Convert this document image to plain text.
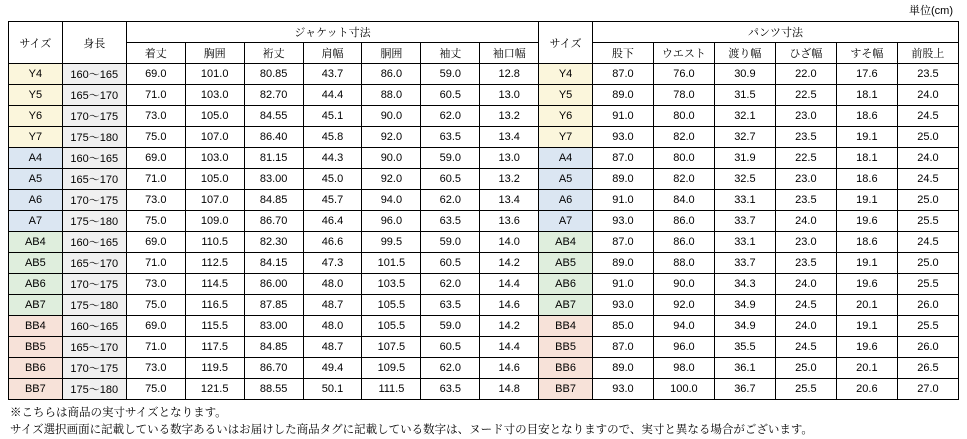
単位(cm)
サイズ	身長	ジャケット寸法							サイズ	パンツ寸法					
		着丈	胸囲	裄丈	肩幅	胴囲	袖丈	袖口幅		股下	ウエスト	渡り幅	ひざ幅	すそ幅	前股上
Y4	160〜165	69.0	101.0	80.85	43.7	86.0	59.0	12.8	Y4	87.0	76.0	30.9	22.0	17.6	23.5
Y5	165〜170	71.0	103.0	82.70	44.4	88.0	60.5	13.0	Y5	89.0	78.0	31.5	22.5	18.1	24.0
Y6	170〜175	73.0	105.0	84.55	45.1	90.0	62.0	13.2	Y6	91.0	80.0	32.1	23.0	18.6	24.5
Y7	175〜180	75.0	107.0	86.40	45.8	92.0	63.5	13.4	Y7	93.0	82.0	32.7	23.5	19.1	25.0
A4	160〜165	69.0	103.0	81.15	44.3	90.0	59.0	13.0	A4	87.0	80.0	31.9	22.5	18.1	24.0
A5	165〜170	71.0	105.0	83.00	45.0	92.0	60.5	13.2	A5	89.0	82.0	32.5	23.0	18.6	24.5
A6	170〜175	73.0	107.0	84.85	45.7	94.0	62.0	13.4	A6	91.0	84.0	33.1	23.5	19.1	25.0
A7	175〜180	75.0	109.0	86.70	46.4	96.0	63.5	13.6	A7	93.0	86.0	33.7	24.0	19.6	25.5
AB4	160〜165	69.0	110.5	82.30	46.6	99.5	59.0	14.0	AB4	87.0	86.0	33.1	23.0	18.6	24.5
AB5	165〜170	71.0	112.5	84.15	47.3	101.5	60.5	14.2	AB5	89.0	88.0	33.7	23.5	19.1	25.0
AB6	170〜175	73.0	114.5	86.00	48.0	103.5	62.0	14.4	AB6	91.0	90.0	34.3	24.0	19.6	25.5
AB7	175〜180	75.0	116.5	87.85	48.7	105.5	63.5	14.6	AB7	93.0	92.0	34.9	24.5	20.1	26.0
BB4	160〜165	69.0	115.5	83.00	48.0	105.5	59.0	14.2	BB4	85.0	94.0	34.9	24.0	19.1	25.5
BB5	165〜170	71.0	117.5	84.85	48.7	107.5	60.5	14.4	BB5	87.0	96.0	35.5	24.5	19.6	26.0
BB6	170〜175	73.0	119.5	86.70	49.4	109.5	62.0	14.6	BB6	89.0	98.0	36.1	25.0	20.1	26.5
BB7	175〜180	75.0	121.5	88.55	50.1	111.5	63.5	14.8	BB7	93.0	100.0	36.7	25.5	20.6	27.0
※こちらは商品の実寸サイズとなります。
サイズ選択画面に記載している数字あるいはお届けした商品タグに記載している数字は、ヌード寸の目安となりますので、実寸と異なる場合がございます。
